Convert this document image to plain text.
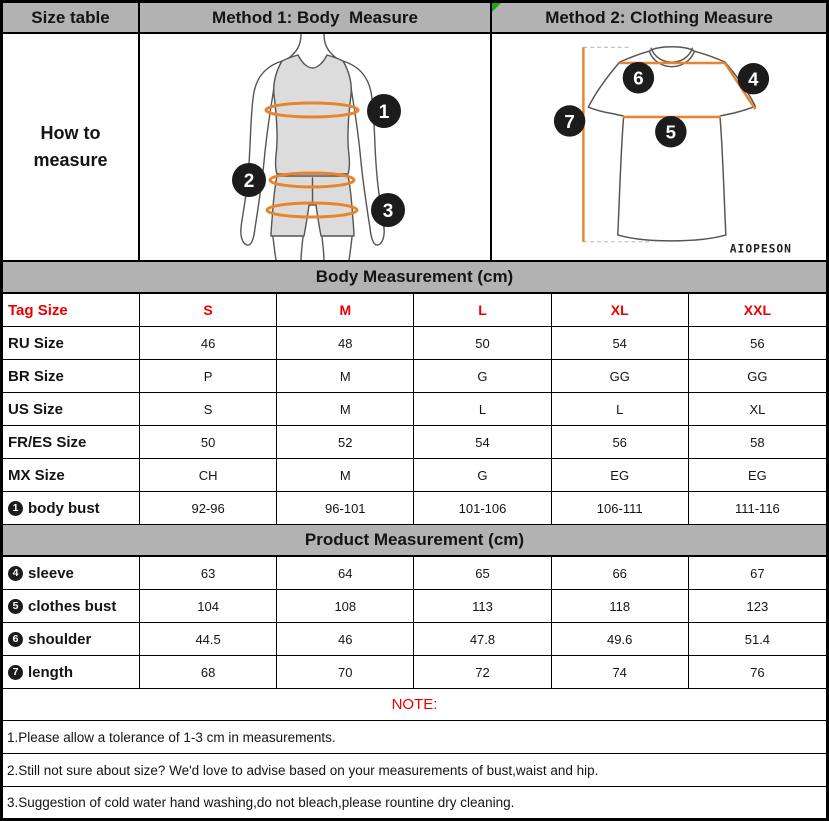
Size table	Method 1: Body  Measure	Method 2: Clothing Measure
How to
measure
1
2
3
6	4
7
5
AIOPESON
Body Measurement (cm)
Tag Size	S	M	L	XL	XXL
RU Size	46	48	50	54	56
BR Size	P	M	G	GG	GG
US Size	S	M	L	L	XL
FR/ES Size	50	52	54	56	58
MX Size	CH	M	G	EG	EG
1 body bust	92-96	96-101	101-106	106-111	111-116
Product Measurement (cm)
4 sleeve	63	64	65	66	67
5 clothes bust	104	108	113	118	123
6 shoulder	44.5	46	47.8	49.6	51.4
7 length	68	70	72	74	76
NOTE:
1.Please allow a tolerance of 1-3 cm in measurements.
2.Still not sure about size? We'd love to advise based on your measurements of bust,waist and hip.
3.Suggestion of cold water hand washing,do not bleach,please rountine dry cleaning.
